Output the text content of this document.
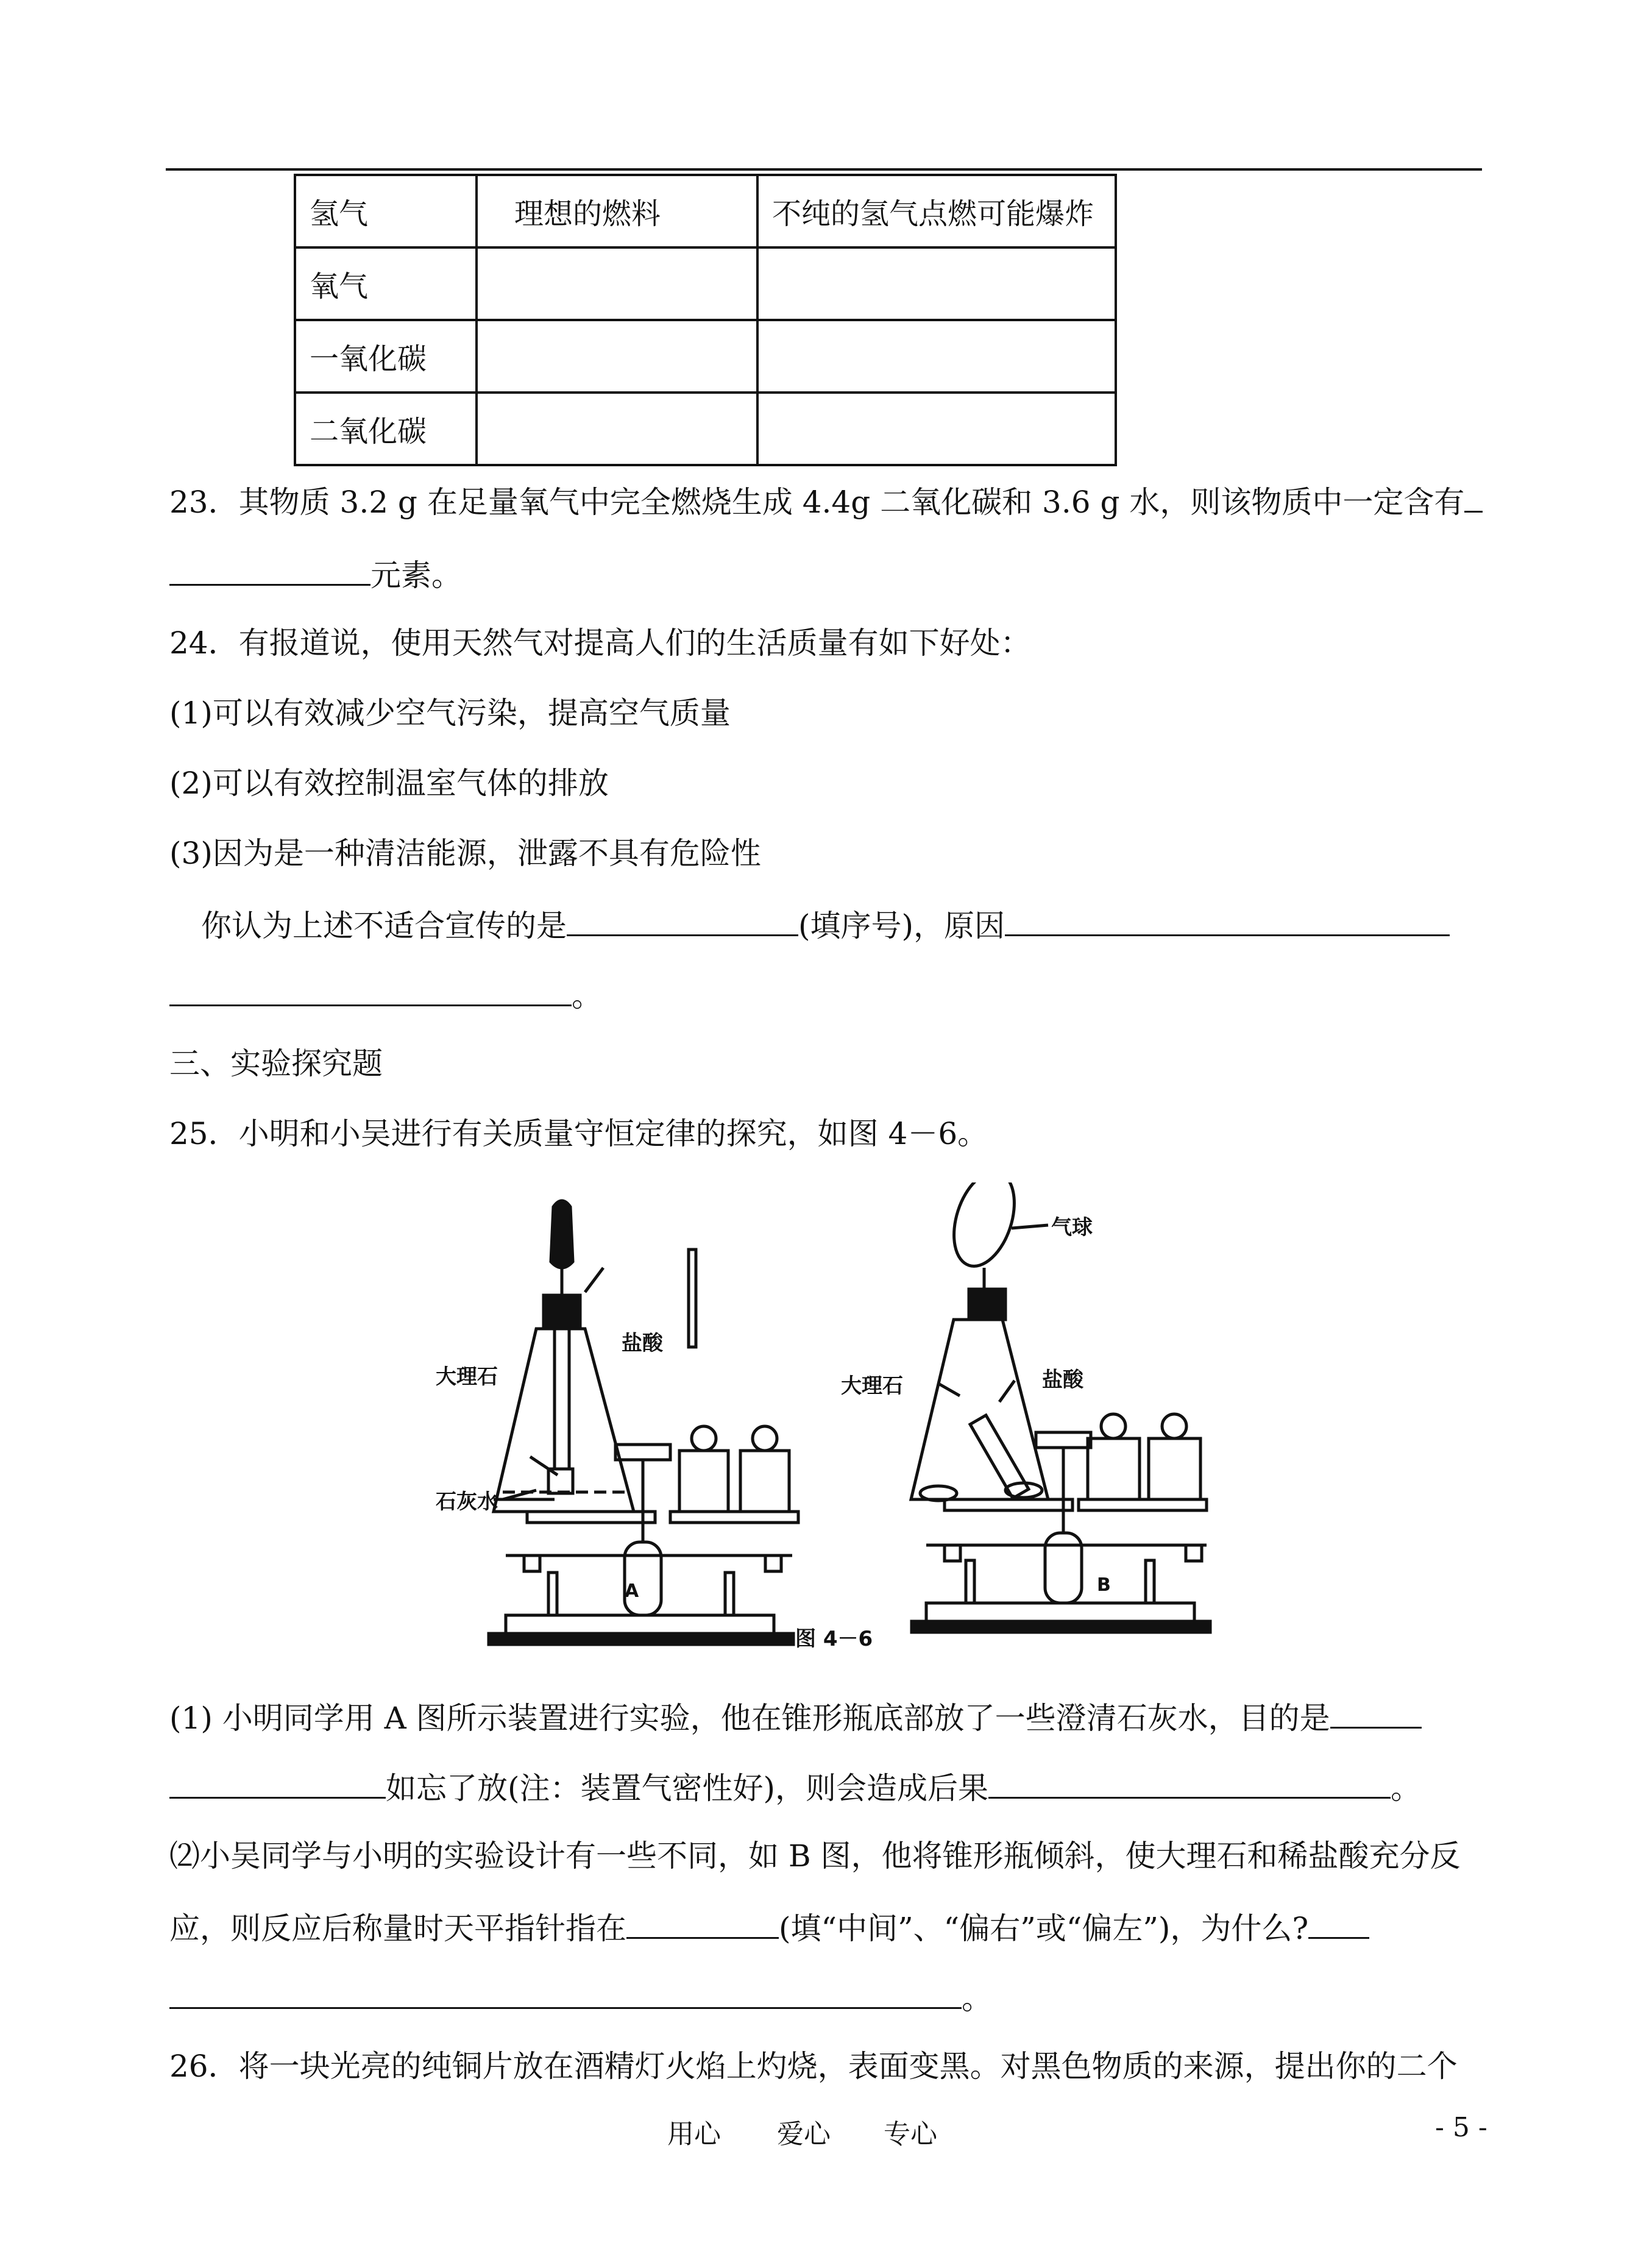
氢气	理想的燃料	不纯的氢气点燃可能爆炸
氧气		
一氧化碳		
二氧化碳		
23．其物质 3.2 g 在足量氧气中完全燃烧生成 4.4g 二氧化碳和 3.6 g 水，则该物质中一定含有
元素。
24．有报道说，使用天然气对提高人们的生活质量有如下好处：
(1)可以有效减少空气污染，提高空气质量
(2)可以有效控制温室气体的排放
(3)因为是一种清洁能源，泄露不具有危险性
你认为上述不适合宣传的是	(填序号)，原因
。
三、实验探究题
25．小明和小吴进行有关质量守恒定律的探究，如图 4－6。
盐酸
大理石
石灰水
气球
盐酸
大理石
A	B
图 4－6
(1) 小明同学用 A 图所示装置进行实验，他在锥形瓶底部放了一些澄清石灰水，目的是
如忘了放(注：装置气密性好)，则会造成后果	。
⑵小吴同学与小明的实验设计有一些不同，如 B 图，他将锥形瓶倾斜，使大理石和稀盐酸充分反
应，则反应后称量时天平指针指在	(填“中间”、“偏右”或“偏左”)，为什么?
。
26．将一块光亮的纯铜片放在酒精灯火焰上灼烧，表面变黑。对黑色物质的来源，提出你的二个
用心 爱心 专心	- 5 -
